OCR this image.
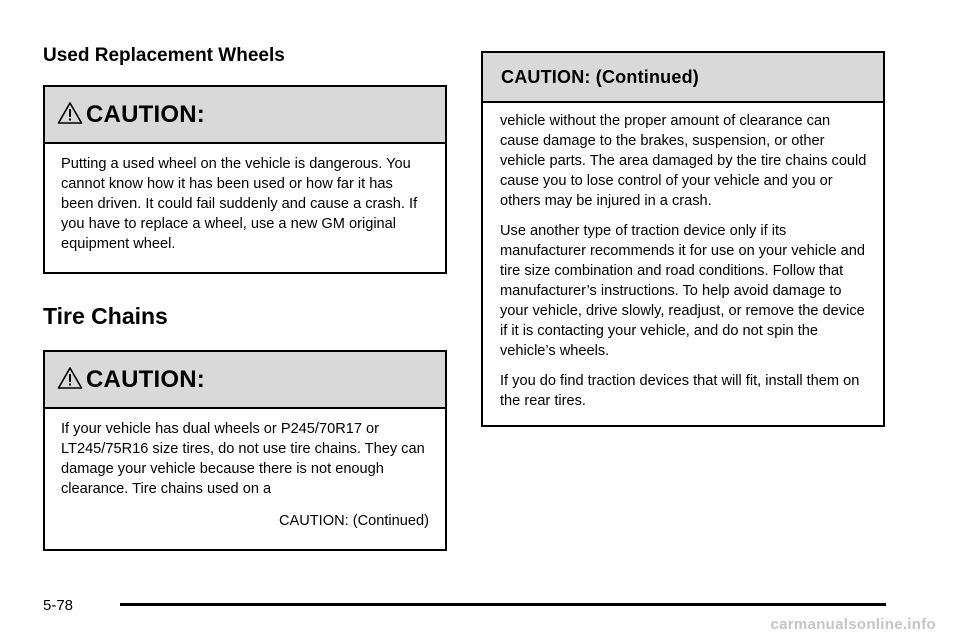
Used Replacement Wheels
CAUTION:

Putting a used wheel on the vehicle is dangerous. You cannot know how it has been used or how far it has been driven. It could fail suddenly and cause a crash. If you have to replace a wheel, use a new GM original equipment wheel.

Tire Chains
CAUTION:

If your vehicle has dual wheels or P245/70R17 or LT245/75R16 size tires, do not use tire chains. They can damage your vehicle because there is not enough clearance. Tire chains used on a

CAUTION: (Continued)

CAUTION: (Continued)

vehicle without the proper amount of clearance can cause damage to the brakes, suspension, or other vehicle parts. The area damaged by the tire chains could cause you to lose control of your vehicle and you or others may be injured in a crash.

Use another type of traction device only if its manufacturer recommends it for use on your vehicle and tire size combination and road conditions. Follow that manufacturer’s instructions. To help avoid damage to your vehicle, drive slowly, readjust, or remove the device if it is contacting your vehicle, and do not spin the vehicle’s wheels.

If you do find traction devices that will fit, install them on the rear tires.

5-78
carmanualsonline.info
